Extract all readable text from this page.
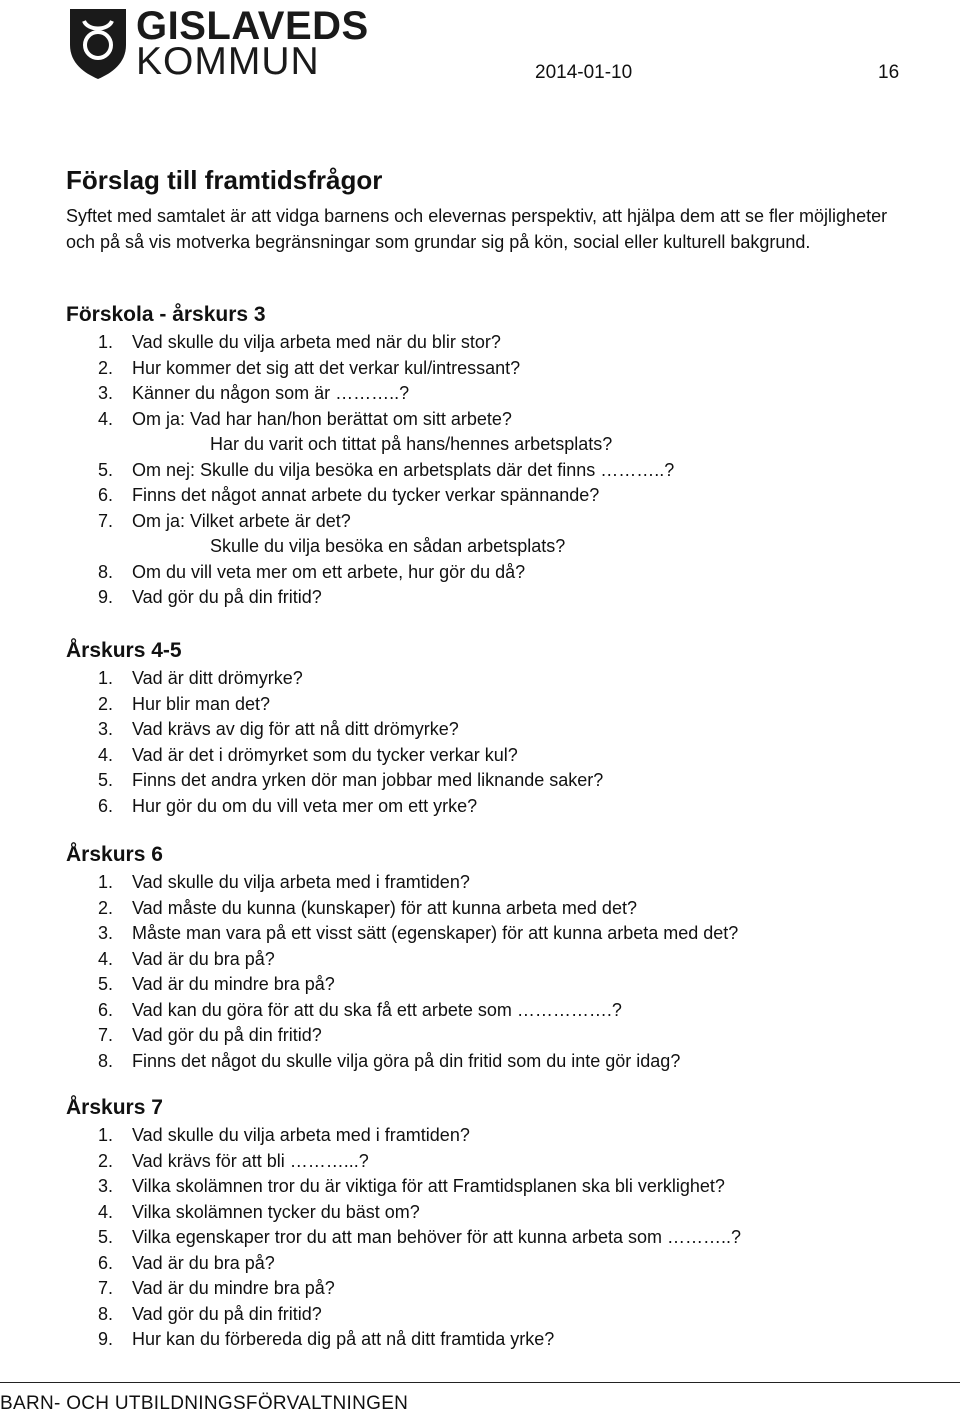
GISLAVEDS
KOMMUN	2014-01-10	16
Förslag till framtidsfrågor

Syftet med samtalet är att vidga barnens och elevernas perspektiv, att hjälpa dem att se fler möjligheter och på så vis motverka begränsningar som grundar sig på kön, social eller kulturell bakgrund.

Förskola - årskurs 3
1. Vad skulle du vilja arbeta med när du blir stor?
2. Hur kommer det sig att det verkar kul/intressant?
3. Känner du någon som är ………..?
4. Om ja: Vad har han/hon berättat om sitt arbete?
Har du varit och tittat på hans/hennes arbetsplats?
5. Om nej: Skulle du vilja besöka en arbetsplats där det finns ………..?
6. Finns det något annat arbete du tycker verkar spännande?
7. Om ja: Vilket arbete är det?
Skulle du vilja besöka en sådan arbetsplats?
8. Om du vill veta mer om ett arbete, hur gör du då?
9. Vad gör du på din fritid?
Årskurs 4-5
1. Vad är ditt drömyrke?
2. Hur blir man det?
3. Vad krävs av dig för att nå ditt drömyrke?
4. Vad är det i drömyrket som du tycker verkar kul?
5. Finns det andra yrken dör man jobbar med liknande saker?
6. Hur gör du om du vill veta mer om ett yrke?
Årskurs 6
1. Vad skulle du vilja arbeta med i framtiden?
2. Vad måste du kunna (kunskaper) för att kunna arbeta med det?
3. Måste man vara på ett visst sätt (egenskaper) för att kunna arbeta med det?
4. Vad är du bra på?
5. Vad är du mindre bra på?
6. Vad kan du göra för att du ska få ett arbete som …………….?
7. Vad gör du på din fritid?
8. Finns det något du skulle vilja göra på din fritid som du inte gör idag?
Årskurs 7
1. Vad skulle du vilja arbeta med i framtiden?
2. Vad krävs för att bli ………...?
3. Vilka skolämnen tror du är viktiga för att Framtidsplanen ska bli verklighet?
4. Vilka skolämnen tycker du bäst om?
5. Vilka egenskaper tror du att man behöver för att kunna arbeta som ………..?
6. Vad är du bra på?
7. Vad är du mindre bra på?
8. Vad gör du på din fritid?
9. Hur kan du förbereda dig på att nå ditt framtida yrke?
BARN- OCH UTBILDNINGSFÖRVALTNINGEN
